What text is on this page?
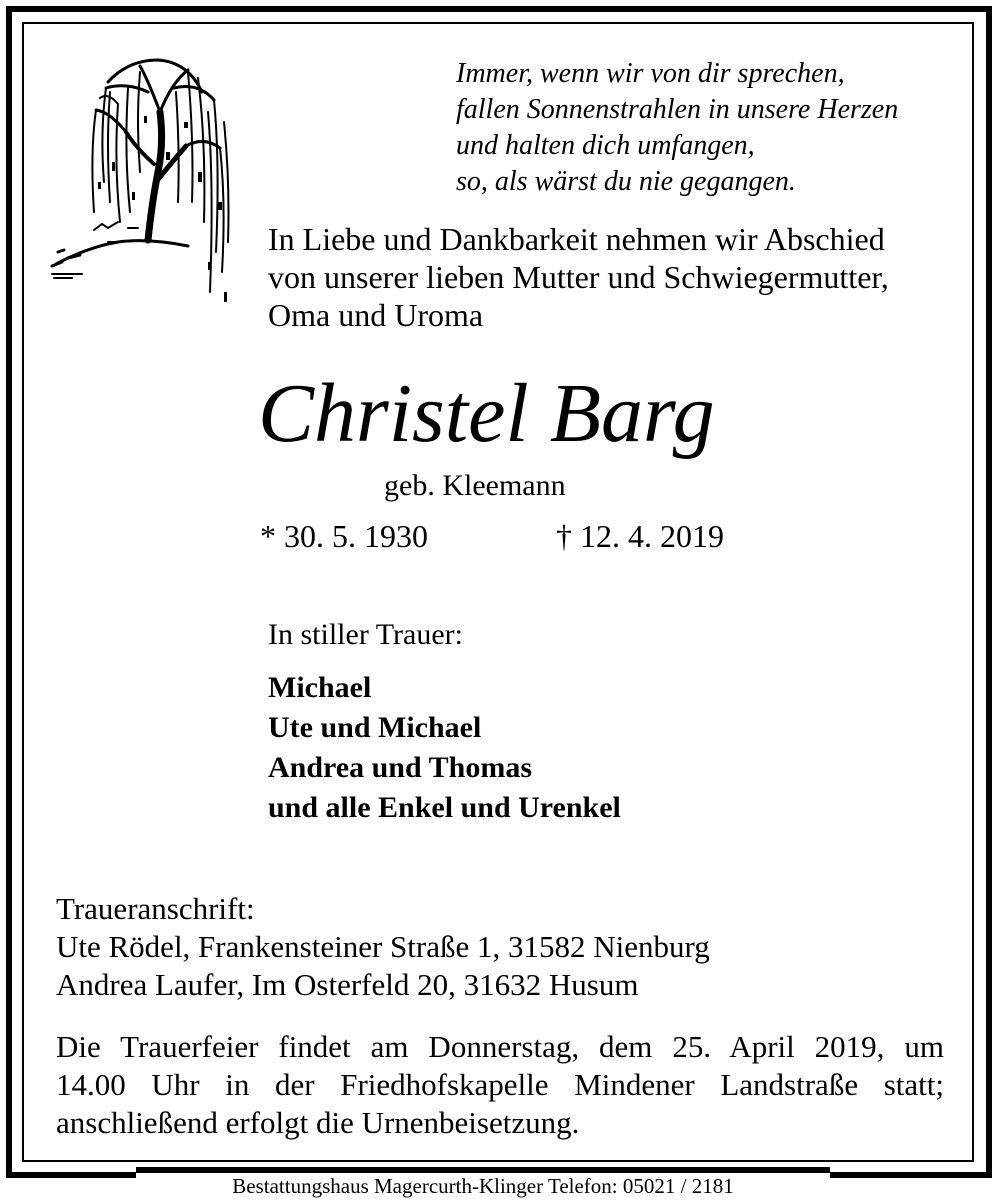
Immer, wenn wir von dir sprechen,
fallen Sonnenstrahlen in unsere Herzen
und halten dich umfangen,
so, als wärst du nie gegangen.
In Liebe und Dankbarkeit nehmen wir Abschied
von unserer lieben Mutter und Schwiegermutter,
Oma und Uroma
Christel Barg
geb. Kleemann
* 30. 5. 1930	† 12. 4. 2019
In stiller Trauer:
Michael
Ute und Michael
Andrea und Thomas
und alle Enkel und Urenkel
Traueranschrift:
Ute Rödel, Frankensteiner Straße 1, 31582 Nienburg
Andrea Laufer, Im Osterfeld 20, 31632 Husum
Die Trauerfeier findet am Donnerstag, dem 25. April 2019, um
14.00 Uhr in der Friedhofskapelle Mindener Landstraße statt;
anschließend erfolgt die Urnenbeisetzung.
Bestattungshaus Magercurth-Klinger Telefon: 05021 / 2181
